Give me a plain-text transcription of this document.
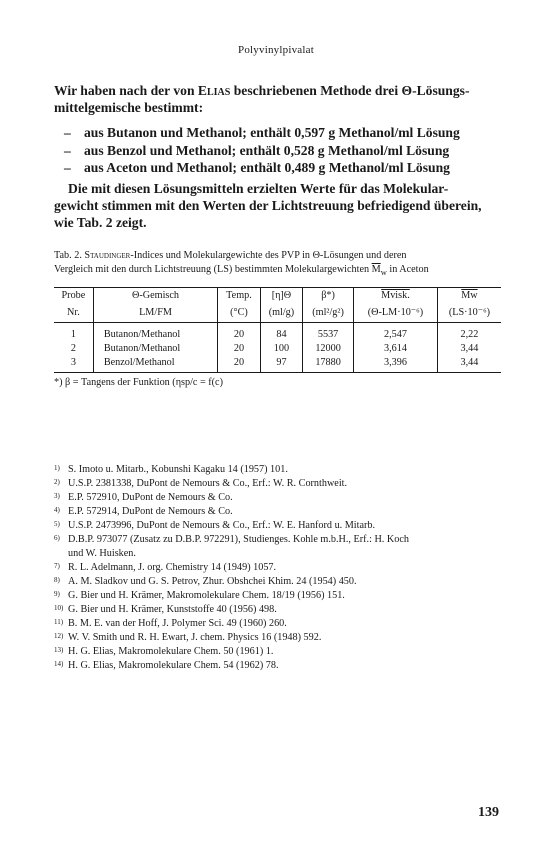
Polyvinylpivalat
Wir haben nach der von Elias beschriebenen Methode drei Θ-Lösungs-
mittelgemische bestimmt:
– aus Butanon und Methanol; enthält 0,597 g Methanol/ml Lösung
– aus Benzol und Methanol; enthält 0,528 g Methanol/ml Lösung
– aus Aceton und Methanol; enthält 0,489 g Methanol/ml Lösung
Die mit diesen Lösungsmitteln erzielten Werte für das Molekular-
gewicht stimmen mit den Werten der Lichtstreuung befriedigend überein,
wie Tab. 2 zeigt.
Tab. 2. Staudinger-Indices und Molekulargewichte des PVP in Θ-Lösungen und deren
Vergleich mit den durch Lichtstreuung (LS) bestimmten Molekulargewichten $\overline{M}_w$ in Aceton
Probe	Θ-Gemisch	Temp.	[η]Θ	β*)	Mvisk.	$\overline{Mw}$
Nr.	LM/FM	(°C)	(ml/g)	(ml²/g²)	(Θ-LM·10⁻⁶)	(LS·10⁻⁶)
1	Butanon/Methanol	20	84	5537	2,547	2,22
2	Butanon/Methanol	20	100	12000	3,614	3,44
3	Benzol/Methanol	20	97	17880	3,396	3,44
*) β = Tangens der Funktion (ηsp/c = f(c)
1) S. Imoto u. Mitarb., Kobunshi Kagaku 14 (1957) 101.
2) U.S.P. 2381338, DuPont de Nemours & Co., Erf.: W. R. Cornthweit.
3) E.P. 572910, DuPont de Nemours & Co.
4) E.P. 572914, DuPont de Nemours & Co.
5) U.S.P. 2473996, DuPont de Nemours & Co., Erf.: W. E. Hanford u. Mitarb.
6) D.B.P. 973077 (Zusatz zu D.B.P. 972291), Studienges. Kohle m.b.H., Erf.: H. Koch
und W. Huisken.
7) R. L. Adelmann, J. org. Chemistry 14 (1949) 1057.
8) A. M. Sladkov und G. S. Petrov, Zhur. Obshchei Khim. 24 (1954) 450.
9) G. Bier und H. Krämer, Makromolekulare Chem. 18/19 (1956) 151.
10) G. Bier und H. Krämer, Kunststoffe 40 (1956) 498.
11) B. M. E. van der Hoff, J. Polymer Sci. 49 (1960) 260.
12) W. V. Smith und R. H. Ewart, J. chem. Physics 16 (1948) 592.
13) H. G. Elias, Makromolekulare Chem. 50 (1961) 1.
14) H. G. Elias, Makromolekulare Chem. 54 (1962) 78.
139
